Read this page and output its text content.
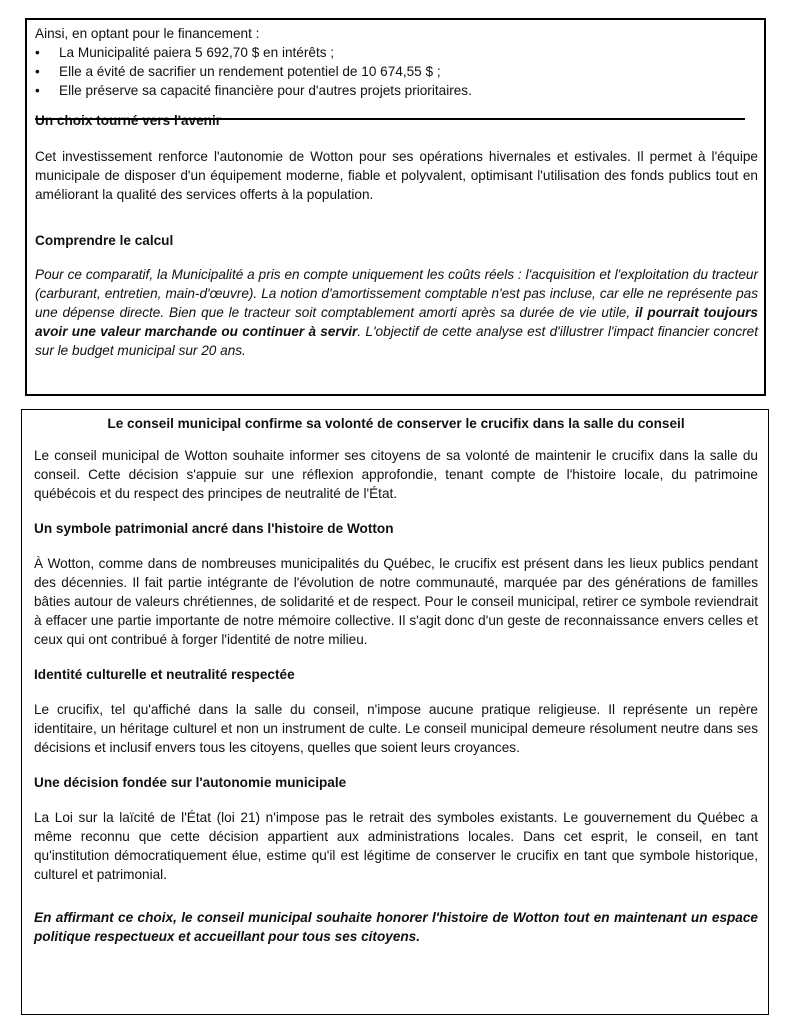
Ainsi, en optant pour le financement :

• La Municipalité paiera 5 692,70 $ en intérêts ;
• Elle a évité de sacrifier un rendement potentiel de 10 674,55 $ ;
• Elle préserve sa capacité financière pour d'autres projets prioritaires.
Un choix tourné vers l'avenir

Cet investissement renforce l'autonomie de Wotton pour ses opérations hivernales et estivales. Il permet à l'équipe municipale de disposer d'un équipement moderne, fiable et polyvalent, optimisant l'utilisation des fonds publics tout en améliorant la qualité des services offerts à la population.

Comprendre le calcul

Pour ce comparatif, la Municipalité a pris en compte uniquement les coûts réels : l'acquisition et l'exploitation du tracteur (carburant, entretien, main-d'œuvre). La notion d'amortissement comptable n'est pas incluse, car elle ne représente pas une dépense directe. Bien que le tracteur soit comptablement amorti après sa durée de vie utile, il pourrait toujours avoir une valeur marchande ou continuer à servir. L'objectif de cette analyse est d'illustrer l'impact financier concret sur le budget municipal sur 20 ans.

Le conseil municipal confirme sa volonté de conserver le crucifix dans la salle du conseil

Le conseil municipal de Wotton souhaite informer ses citoyens de sa volonté de maintenir le crucifix dans la salle du conseil. Cette décision s'appuie sur une réflexion approfondie, tenant compte de l'histoire locale, du patrimoine québécois et du respect des principes de neutralité de l'État.

Un symbole patrimonial ancré dans l'histoire de Wotton

À Wotton, comme dans de nombreuses municipalités du Québec, le crucifix est présent dans les lieux publics pendant des décennies. Il fait partie intégrante de l'évolution de notre communauté, marquée par des générations de familles bâties autour de valeurs chrétiennes, de solidarité et de respect. Pour le conseil municipal, retirer ce symbole reviendrait à effacer une partie importante de notre mémoire collective. Il s'agit donc d'un geste de reconnaissance envers celles et ceux qui ont contribué à forger l'identité de notre milieu.

Identité culturelle et neutralité respectée

Le crucifix, tel qu'affiché dans la salle du conseil, n'impose aucune pratique religieuse. Il représente un repère identitaire, un héritage culturel et non un instrument de culte. Le conseil municipal demeure résolument neutre dans ses décisions et inclusif envers tous les citoyens, quelles que soient leurs croyances.

Une décision fondée sur l'autonomie municipale

La Loi sur la laïcité de l'État (loi 21) n'impose pas le retrait des symboles existants. Le gouvernement du Québec a même reconnu que cette décision appartient aux administrations locales. Dans cet esprit, le conseil, en tant qu'institution démocratiquement élue, estime qu'il est légitime de conserver le crucifix en tant que symbole historique, culturel et patrimonial.

En affirmant ce choix, le conseil municipal souhaite honorer l'histoire de Wotton tout en maintenant un espace politique respectueux et accueillant pour tous ses citoyens.
